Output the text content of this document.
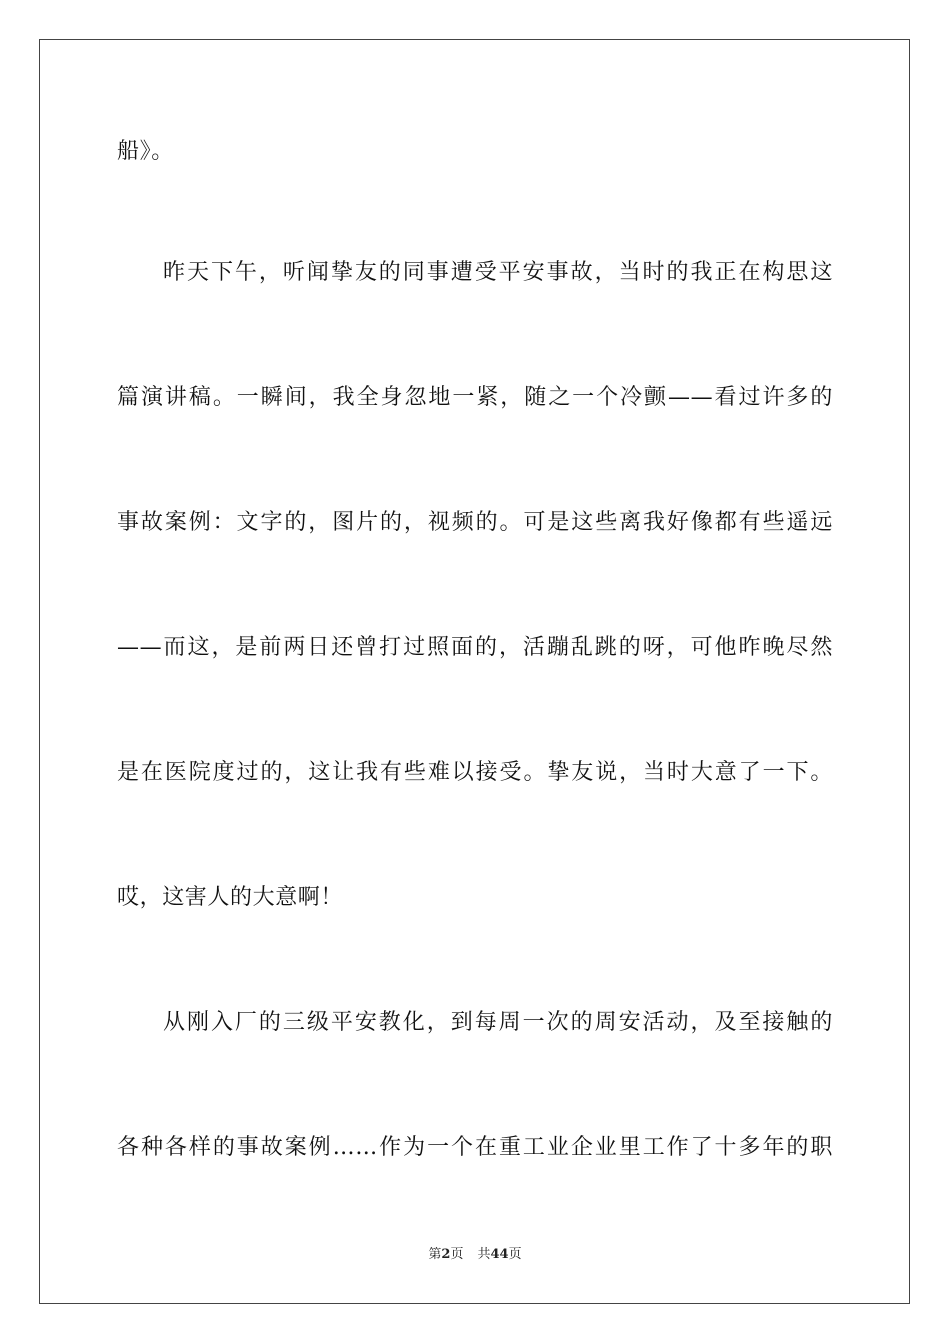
船》。
昨天下午，听闻挚友的同事遭受平安事故，当时的我正在构思这
篇演讲稿。一瞬间，我全身忽地一紧，随之一个冷颤——看过许多的
事故案例：文字的，图片的，视频的。可是这些离我好像都有些遥远
——而这，是前两日还曾打过照面的，活蹦乱跳的呀，可他昨晚尽然
是在医院度过的，这让我有些难以接受。挚友说，当时大意了一下。
哎，这害人的大意啊！
从刚入厂的三级平安教化，到每周一次的周安活动，及至接触的
各种各样的事故案例……作为一个在重工业企业里工作了十多年的职
第2页 共44页
